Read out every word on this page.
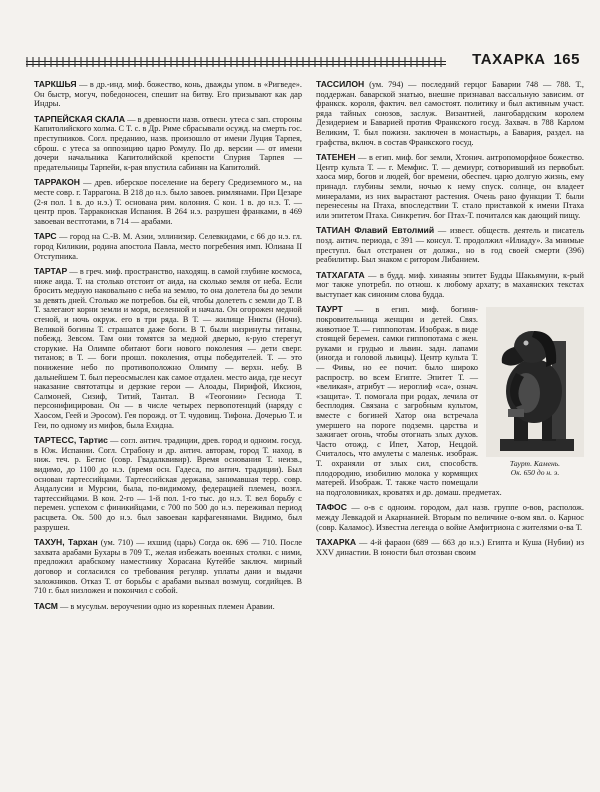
ТАХАРКА 165

ТАРКШЬЯ — в др.-инд. миф. божество, конь, дважды упом. в «Ригведе». Он быстр, могуч, победоносен, спешит на битву. Его призывают как дар Индры.

ТАРПЕЙСКАЯ СКАЛА — в древности назв. отвесн. утеса с зап. стороны Капитолийского холма. С Т. с. в Др. Риме сбрасывали осужд. на смерть гос. преступников. Согл. преданию, назв. произошло от имени Луция Тарпея, сброш. с утеса за оппозицию царю Ромулу. По др. версии — от имени дочери начальника Капитолийской крепости Спурия Тарпея — предательницы Тарпейи, к-рая впустила сабинян на Капитолий.

ТАРРАКОН — древ. иберское поселение на берегу Средиземного м., на месте совр. г. Таррагона. В 218 до н.э. было завоев. римлянами. При Цезаре (2-я пол. 1 в. до н.э.) Т. основана рим. колония. С кон. 1 в. до н.э. Т. — центр пров. Тарраконская Испания. В 264 н.э. разрушен франками, в 469 завоеван вестготами, в 714 — арабами.

ТАРС — город на С.-В. М. Азии, эллинизир. Селевкидами, с 66 до н.э. гл. город Киликии, родина апостола Павла, место погребения имп. Юлиана II Отступника.

ТАРТАР — в греч. миф. пространство, находящ. в самой глубине космоса, ниже аида. Т. на столько отстоит от аида, на сколько земля от неба. Если бросить медную наковальню с неба на землю, то она долетела бы до земли за девять дней. Столько же потребов. бы ей, чтобы долететь с земли до Т. В Т. залегают корни земли и моря, вселенной и начала. Он огорожен медной стеной, и ночь окруж. его в три ряда. В Т. — жилище Никты (Ночи). Великой богины Т. страшатся даже боги. В Т. были низринуты титаны, побежд. Зевсом. Там они томятся за медной дверью, к-рую стерегут сторукие. На Олимпе обитают боги нового поколения — дети сверг. титанов; в Т. — боги прошл. поколения, отцы победителей. Т. — это понижение небо по противоположно Олимпу — верхн. небу. В дальнейшем Т. был переосмыслен как самое отдален. место аида, где несут наказание святотатцы и дерзкие герои — Алоады, Пирифой, Иксион, Салмоней, Сизиф, Титий, Тантал. В «Теогонии» Гесиода Т. персонифицирован. Он — в числе четырех первопотенций (наряду с Хаосом, Геей и Эросом). Гея порожд. от Т. чудовищ. Тифона. Дочерью Т. и Геи, по одному из мифов, была Ехидна.

ТАРТЕСС, Тартис — согл. антич. традиции, древ. город и одноим. госуд. в Юж. Испании. Согл. Страбону и др. антич. авторам, город Т. наход. в ниж. теч. р. Бетис (совр. Гвадалквивир). Время основания Т. неизв., видимо, до 1100 до н.э. (время осн. Гадеса, по антич. традиции). Был основан тартессийцами. Тартессийская держава, занимавшая терр. совр. Андалусии и Мурсии, была, по-видимому, федерацией племен, возгл. тартессийцами. В кон. 2-го — 1-й пол. 1-го тыс. до н.э. Т. вел борьбу с перемен. успехом с финикийцами, с 700 по 500 до н.э. переживал период расцвета. Ок. 500 до н.э. был завоеван карфагенянами. Видимо, был разрушен.

ТАХУН, Тархан (ум. 710) — ихшид (царь) Согда ок. 696 — 710. После захвата арабами Бухары в 709 Т., желая избежать военных столкн. с ними, предложил арабскому наместнику Хорасана Кутейбе заключ. мирный договор и согласился со требования регуляр. уплаты дани и выдачи заложников. Отказ Т. от борьбы с арабами вызвал возмущ. согдийцев. В 710 г. был низложен и покончил с собой.

ТАСМ — в мусульм. вероучении одно из коренных племен Аравии.

ТАССИЛОН (ум. 794) — последний герцог Баварии 748 — 788. Т., поддержан. баварской знатью, внешне признавал вассальную зависим. от франкск. короля, фактич. вел самостоят. политику и был активным участ. ряда тайных союзов, заслуж. Византией, лангобардским королем Дезидерием и Баварией против Франкского госуд. Захвач. в 788 Карлом Великим, Т. был пожизн. заключен в монастырь, а Бавария, раздел. на графства, включ. в состав Франкского госуд.

ТАТЕНЕН — в егип. миф. бог земли, Хтонич. антропоморфное божество. Центр культа Т. — г. Мемфис. Т. — демиург, сотворивший из первобыт. хаоса мир, богов и людей, бог времени, обеспеч. царю долгую жизнь, ему принадл. глубины земли, ночью к нему спуск. солнце, он владеет минералами, из них вырастают растения. Очень рано функции Т. были перенесены на Птаха, впоследствии Т. стало приставкой к имени Птаха или эпитетом Птаха. Синкретич. бог Птах-Т. почитался как дающий пищу.

ТАТИАН Флавий Евтолмий — извест. обществ. деятель и писатель позд. антич. периода, с 391 — консул. Т. продолжил «Илиаду». За мнимые преступл. был отстранен от должн., но в год своей смерти (396) реабилитир. Был знаком с ритором Либанием.

ТАТХАГАТА — в будд. миф. хинаяны эпитет Будды Шакьямуни, к-рый мог также употребл. по отнош. к любому архату; в махаянских текстах выступает как синоним слова будда.

Таурт. Камень.
Ок. 650 до н. э.

ТАУРТ — в егип. миф. богиня-покровительница женщин и детей. Связ. животное Т. — гиппопотам. Изображ. в виде стоящей беремен. самки гиппопотама с жен. руками и грудью и львин. задн. лапами (иногда и головой львицы). Центр культа Т. — Фивы, но ее почит. было широко распростр. во всем Египте. Эпитет Т. — «великая», атрибут — иероглиф «са», означ. «защита». Т. помогала при родах, лечила от бесплодия. Связана с загробным культом, вместе с богиней Хатор она встречала умершего на пороге подземн. царства и зажигает огонь, чтобы отогнать злых духов. Часто отожд. с Ипет, Хатор, Нецдой. Считалось, что амулеты с маленьк. изображ. Т. охраняли от злых сил, способств. плодородию, изобилию молока у кормящих матерей. Изображ. Т. также часто помещали на подголовниках, кроватях и др. домаш. предметах.

ТАФОС — о-в с одноим. городом, дал назв. группе о-вов, располож. между Левкадой и Акарнанией. Вторым по величине о-вом явл. о. Карнос (совр. Каламос). Известна легенда о войне Амфитриона с жителями о-ва Т.

ТАХАРКА — 4-й фараон (689 — 663 до н.э.) Египта и Куша (Нубии) из XXV династии. В юности был отозван своим
